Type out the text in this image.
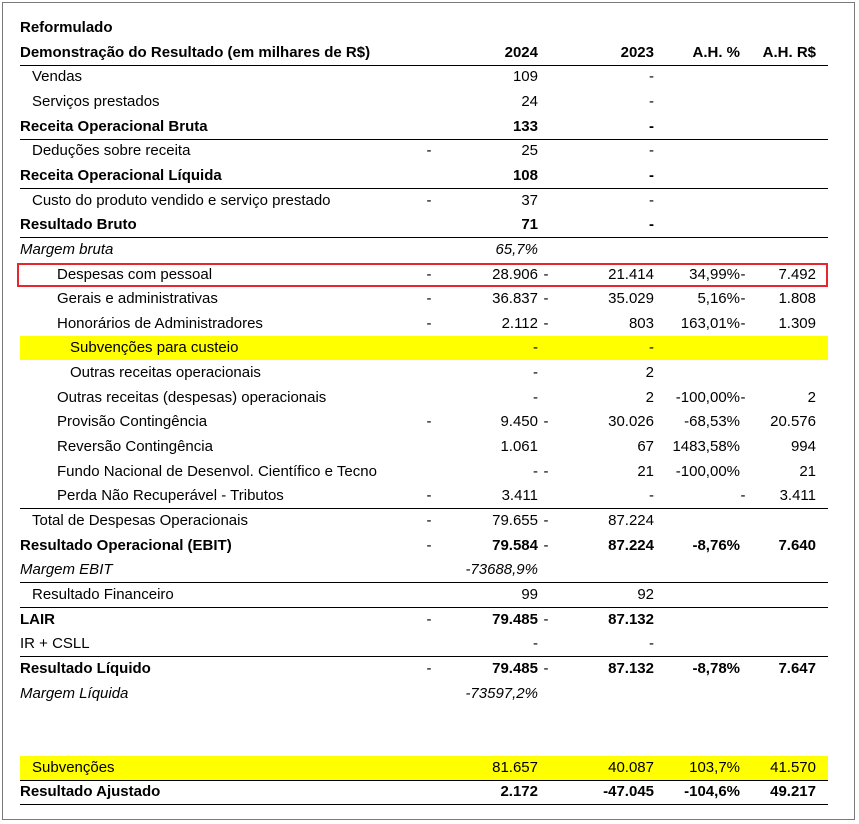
Reformulado
Demonstração do Resultado (em milhares de R$)	2024	2023	A.H. %	A.H. R$
Vendas	109	-
Serviços prestados	24	-
Receita Operacional Bruta	133	-
Deduções sobre receita	-	25	-
Receita Operacional Líquida	108	-
Custo do produto vendido e serviço prestado	-	37	-
Resultado Bruto	71	-
Margem bruta	65,7%
Despesas com pessoal	-	28.906 -	21.414	34,99% -	7.492
Gerais e administrativas	-	36.837 -	35.029	5,16% -	1.808
Honorários de Administradores	-	2.112 -	803	163,01% -	1.309
Subvenções para custeio	-	-
Outras receitas operacionais	-	2
Outras receitas (despesas) operacionais	-	2	-100,00% -	2
Provisão Contingência	-	9.450 -	30.026	-68,53%	20.576
Reversão Contingência	1.061	67	1483,58%	994
Fundo Nacional de Desenvol. Científico e Tecno	- -	21	-100,00%	21
Perda Não Recuperável - Tributos	-	3.411	-	-	3.411
Total de Despesas Operacionais	-	79.655 -	87.224
Resultado Operacional (EBIT)	-	79.584 -	87.224	-8,76%	7.640
Margem EBIT	-73688,9%
Resultado Financeiro	99	92
LAIR	-	79.485 -	87.132
IR + CSLL	-	-
Resultado Líquido	-	79.485 -	87.132	-8,78%	7.647
Margem Líquida	-73597,2%
Subvenções	81.657	40.087	103,7%	41.570
Resultado Ajustado	2.172	-47.045	-104,6%	49.217
